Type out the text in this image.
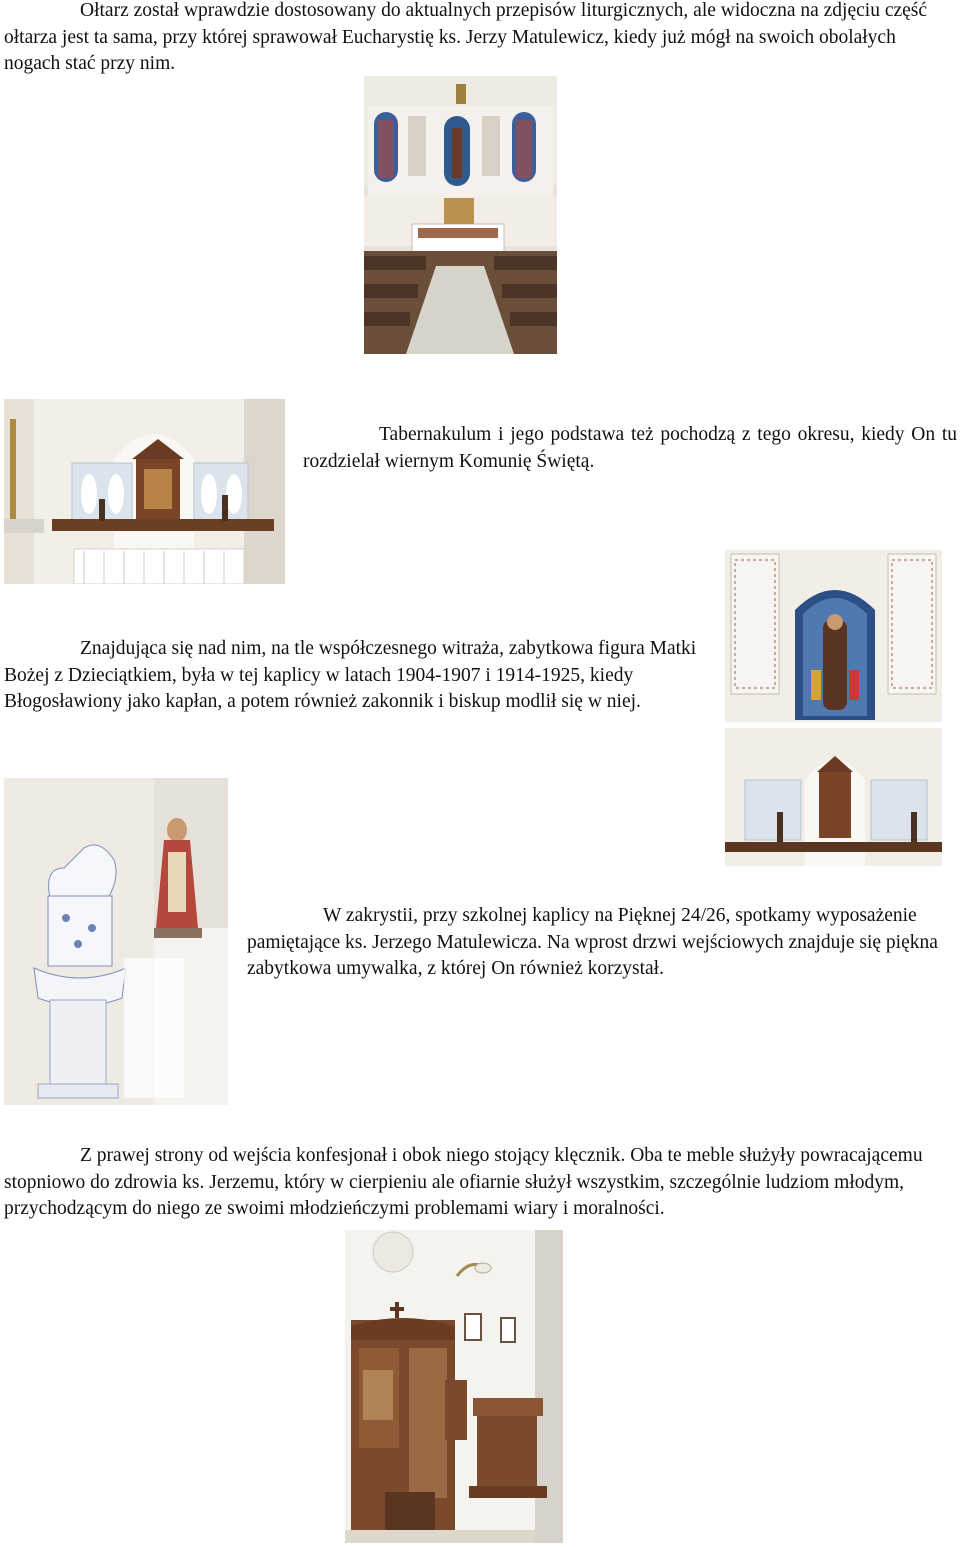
Ołtarz został wprawdzie dostosowany do aktualnych przepisów liturgicznych, ale widoczna na zdjęciu część ołtarza jest ta sama, przy której sprawował Eucharystię ks. Jerzy Matulewicz, kiedy już mógł na swoich obolałych nogach stać przy nim.

Tabernakulum i jego podstawa też pochodzą z tego okresu, kiedy On tu rozdzielał wiernym Komunię Świętą.

Znajdująca się nad nim, na tle współczesnego witraża, zabytkowa figura Matki Bożej z Dzieciątkiem, była w tej kaplicy w latach 1904-1907 i 1914-1925, kiedy Błogosławiony jako kapłan, a potem również zakonnik i biskup modlił się w niej.

W zakrystii, przy szkolnej kaplicy na Pięknej 24/26, spotkamy wyposażenie pamiętające ks. Jerzego Matulewicza. Na wprost drzwi wejściowych znajduje się piękna zabytkowa umywalka, z której On również korzystał.

Z prawej strony od wejścia konfesjonał i obok niego stojący klęcznik. Oba te meble służyły powracającemu stopniowo do zdrowia ks. Jerzemu, który w cierpieniu ale ofiarnie służył wszystkim, szczególnie ludziom młodym, przychodzącym do niego ze swoimi młodzieńczymi problemami wiary i moralności.
